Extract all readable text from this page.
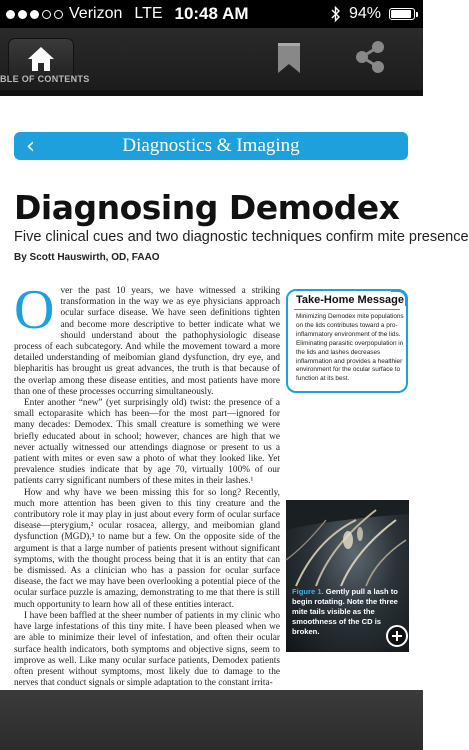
Verizon LTE 10:48 AM	94%
BLE OF CONTENTS
‹	Diagnostics & Imaging
Diagnosing Demodex
Five clinical cues and two diagnostic techniques confirm mite presence
By Scott Hauswirth, OD, FAAO

Over the past 10 years, we have witnessed a striking transformation in the way we as eye physicians approach ocular surface disease. We have seen definitions tighten and become more descriptive to better indicate what we should understand about the pathophysiologic disease process of each subcategory. And while the movement toward a more detailed understanding of meibomian gland dysfunction, dry eye, and blepharitis has brought us great advances, the truth is that because of the overlap among these disease entities, and most patients have more than one of these processes occurring simultaneously.

Enter another “new” (yet surprisingly old) twist: the presence of a small ectoparasite which has been—for the most part—ignored for many decades: Demodex. This small creature is something we were briefly educated about in school; however, chances are high that we never actually witnessed our attendings diagnose or present to us a patient with mites or even saw a photo of what they looked like. Yet prevalence studies indicate that by age 70, virtually 100% of our patients carry significant numbers of these mites in their lashes.¹

How and why have we been missing this for so long? Recently, much more attention has been given to this tiny creature and the contributory role it may play in just about every form of ocular surface disease—pterygium,² ocular rosacea, allergy, and meibomian gland dysfunction (MGD),³ to name but a few. On the opposite side of the argument is that a large number of patients present without significant symptoms, with the thought process being that it is an entity that can be dismissed. As a clinician who has a passion for ocular surface disease, the fact we may have been overlooking a potential piece of the ocular surface puzzle is amazing, demonstrating to me that there is still much opportunity to learn how all of these entities interact.

I have been baffled at the sheer number of patients in my clinic who have large infestations of this tiny mite. I have been pleased when we are able to minimize their level of infestation, and often their ocular surface health indicators, both symptoms and objective signs, seem to improve as well. Like many ocular surface patients, Demodex patients often present without symptoms, most likely due to damage to the nerves that conduct signals or simple adaptation to the constant irrita-

Take-Home Message
Minimizing Demodex mite populations on the lids contributes toward a pro-inflammatory environment of the lids. Eliminating parasitic overpopulation in the lids and lashes decreases inflammation and provides a healthier environment for the ocular surface to function at its best.
Figure 1. Gently pull a lash to begin rotating. Note the three mite tails visible as the smoothness of the CD is broken.
